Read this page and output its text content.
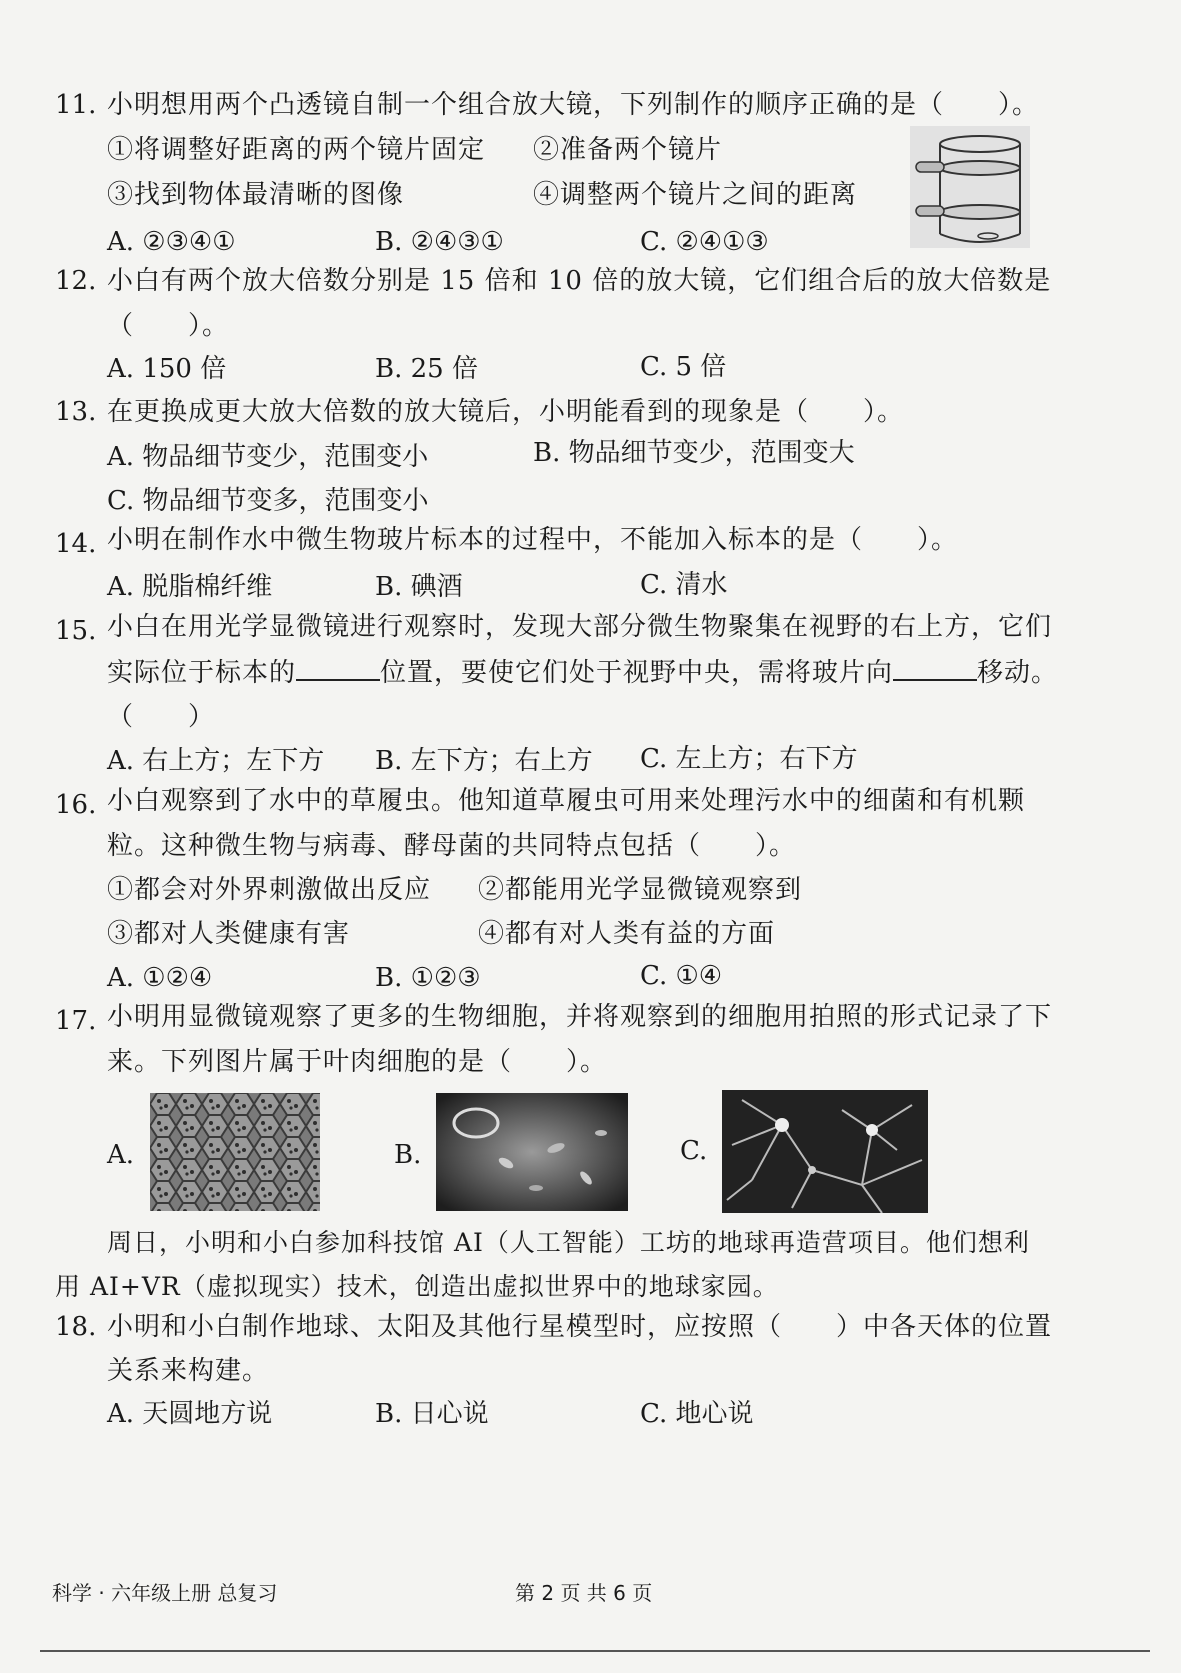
11. 小明想用两个凸透镜自制一个组合放大镜，下列制作的顺序正确的是（　　）。
①将调整好距离的两个镜片固定 ②准备两个镜片
③找到物体最清晰的图像	④调整两个镜片之间的距离
A. ②③④①	B. ②④③①	C. ②④①③
12. 小白有两个放大倍数分别是 15 倍和 10 倍的放大镜，它们组合后的放大倍数是
（　　）。
A. 150 倍	B. 25 倍	C. 5 倍
13. 在更换成更大放大倍数的放大镜后，小明能看到的现象是（　　）。
A. 物品细节变少，范围变小	B. 物品细节变少，范围变大
C. 物品细节变多，范围变小
14. 小明在制作水中微生物玻片标本的过程中，不能加入标本的是（　　）。
A. 脱脂棉纤维	B. 碘酒	C. 清水
15. 小白在用光学显微镜进行观察时，发现大部分微生物聚集在视野的右上方，它们
实际位于标本的	位置，要使它们处于视野中央，需将玻片向	移动。
（　　）
A. 右上方；左下方 B. 左下方；右上方 C. 左上方；右下方
16. 小白观察到了水中的草履虫。他知道草履虫可用来处理污水中的细菌和有机颗
粒。这种微生物与病毒、酵母菌的共同特点包括（　　）。
①都会对外界刺激做出反应 ②都能用光学显微镜观察到
③都对人类健康有害	④都有对人类有益的方面
A. ①②④	B. ①②③	C. ①④
17. 小明用显微镜观察了更多的生物细胞，并将观察到的细胞用拍照的形式记录了下
来。下列图片属于叶肉细胞的是（　　）。
A.	B.	C.
周日，小明和小白参加科技馆 AI（人工智能）工坊的地球再造营项目。他们想利
用 AI+VR（虚拟现实）技术，创造出虚拟世界中的地球家园。
18. 小明和小白制作地球、太阳及其他行星模型时，应按照（　　）中各天体的位置
关系来构建。
A. 天圆地方说	B. 日心说	C. 地心说
科学 · 六年级上册 总复习	第 2 页 共 6 页
